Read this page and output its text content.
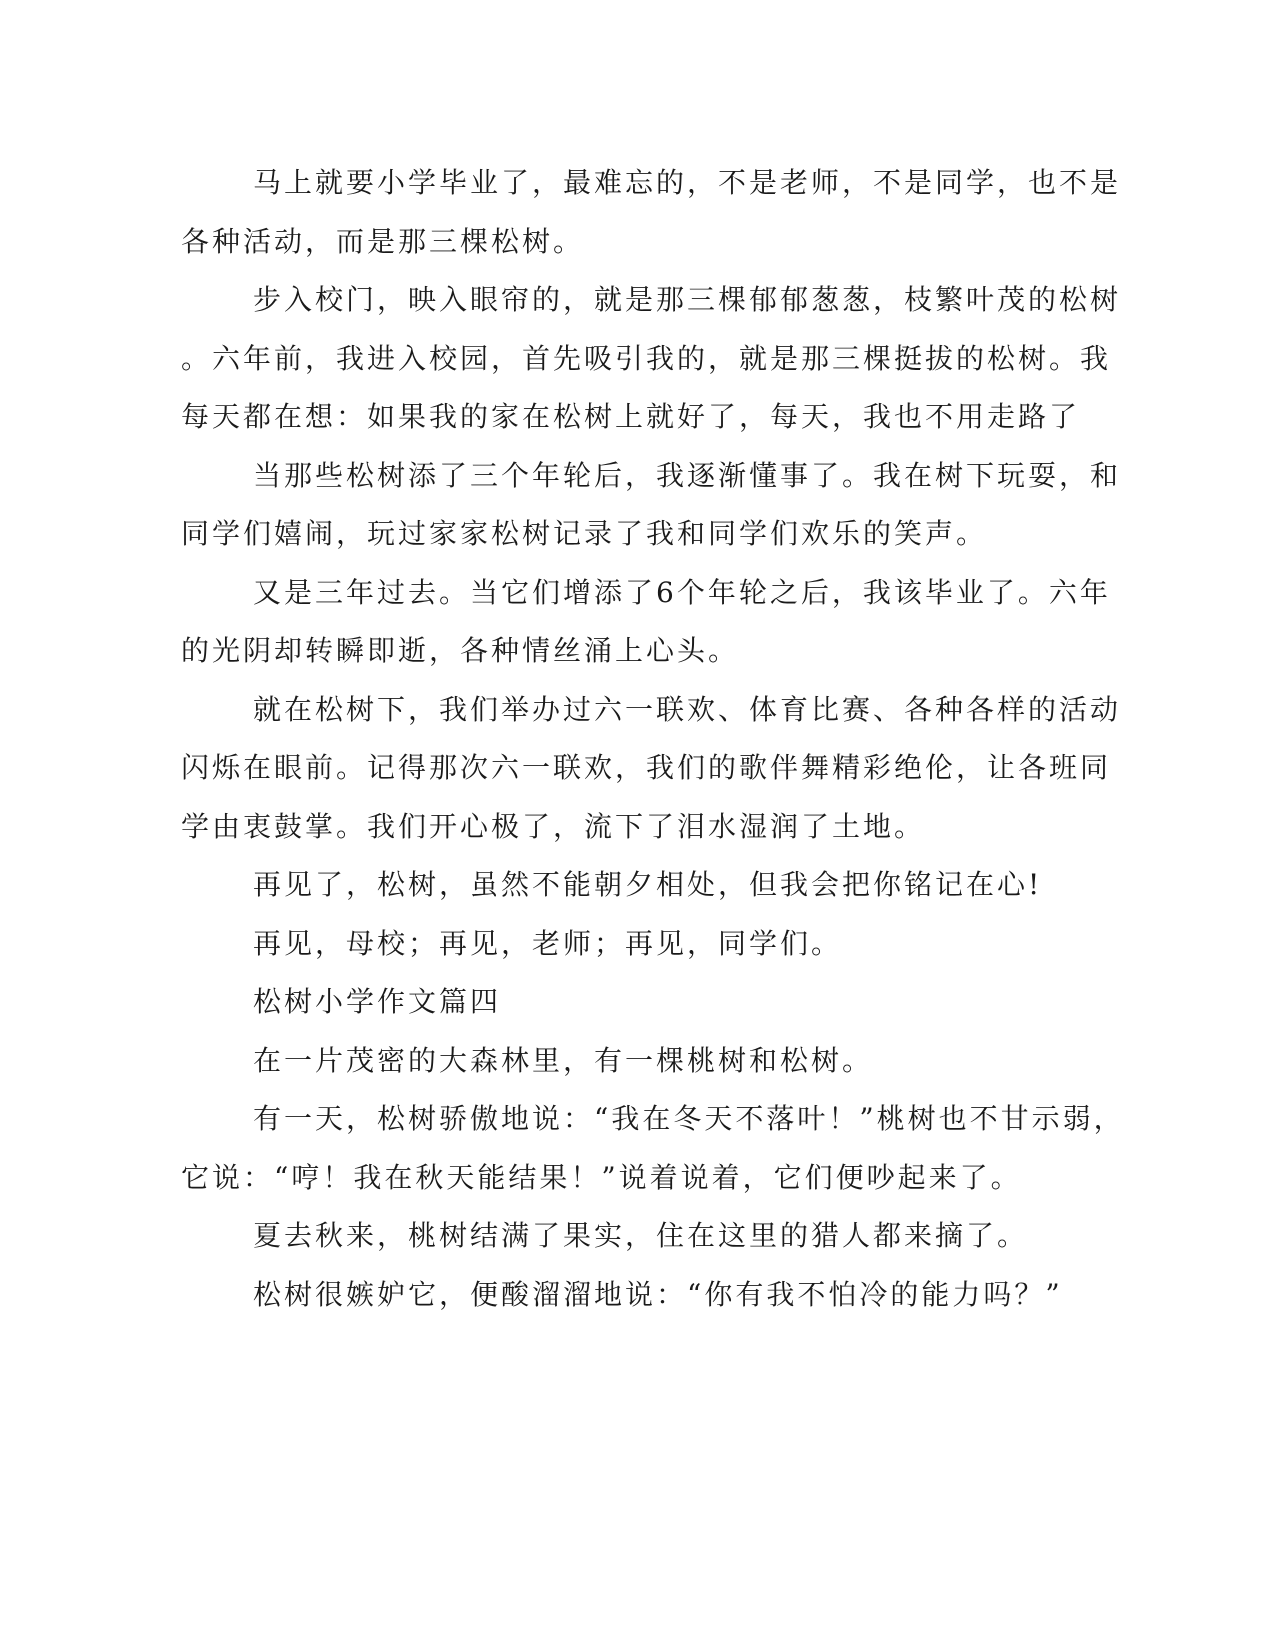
马上就要小学毕业了，最难忘的，不是老师，不是同学，也不是
各种活动，而是那三棵松树。
步入校门，映入眼帘的，就是那三棵郁郁葱葱，枝繁叶茂的松树
。六年前，我进入校园，首先吸引我的，就是那三棵挺拔的松树。我
每天都在想：如果我的家在松树上就好了，每天，我也不用走路了
当那些松树添了三个年轮后，我逐渐懂事了。我在树下玩耍，和
同学们嬉闹，玩过家家松树记录了我和同学们欢乐的笑声。
又是三年过去。当它们增添了6个年轮之后，我该毕业了。六年
的光阴却转瞬即逝，各种情丝涌上心头。
就在松树下，我们举办过六一联欢、体育比赛、各种各样的活动
闪烁在眼前。记得那次六一联欢，我们的歌伴舞精彩绝伦，让各班同
学由衷鼓掌。我们开心极了，流下了泪水湿润了土地。
再见了，松树，虽然不能朝夕相处，但我会把你铭记在心!
再见，母校；再见，老师；再见，同学们。
松树小学作文篇四
在一片茂密的大森林里，有一棵桃树和松树。
有一天，松树骄傲地说：“我在冬天不落叶！”桃树也不甘示弱，
它说：“哼！我在秋天能结果！”说着说着，它们便吵起来了。
夏去秋来，桃树结满了果实，住在这里的猎人都来摘了。
松树很嫉妒它，便酸溜溜地说：“你有我不怕冷的能力吗？”
